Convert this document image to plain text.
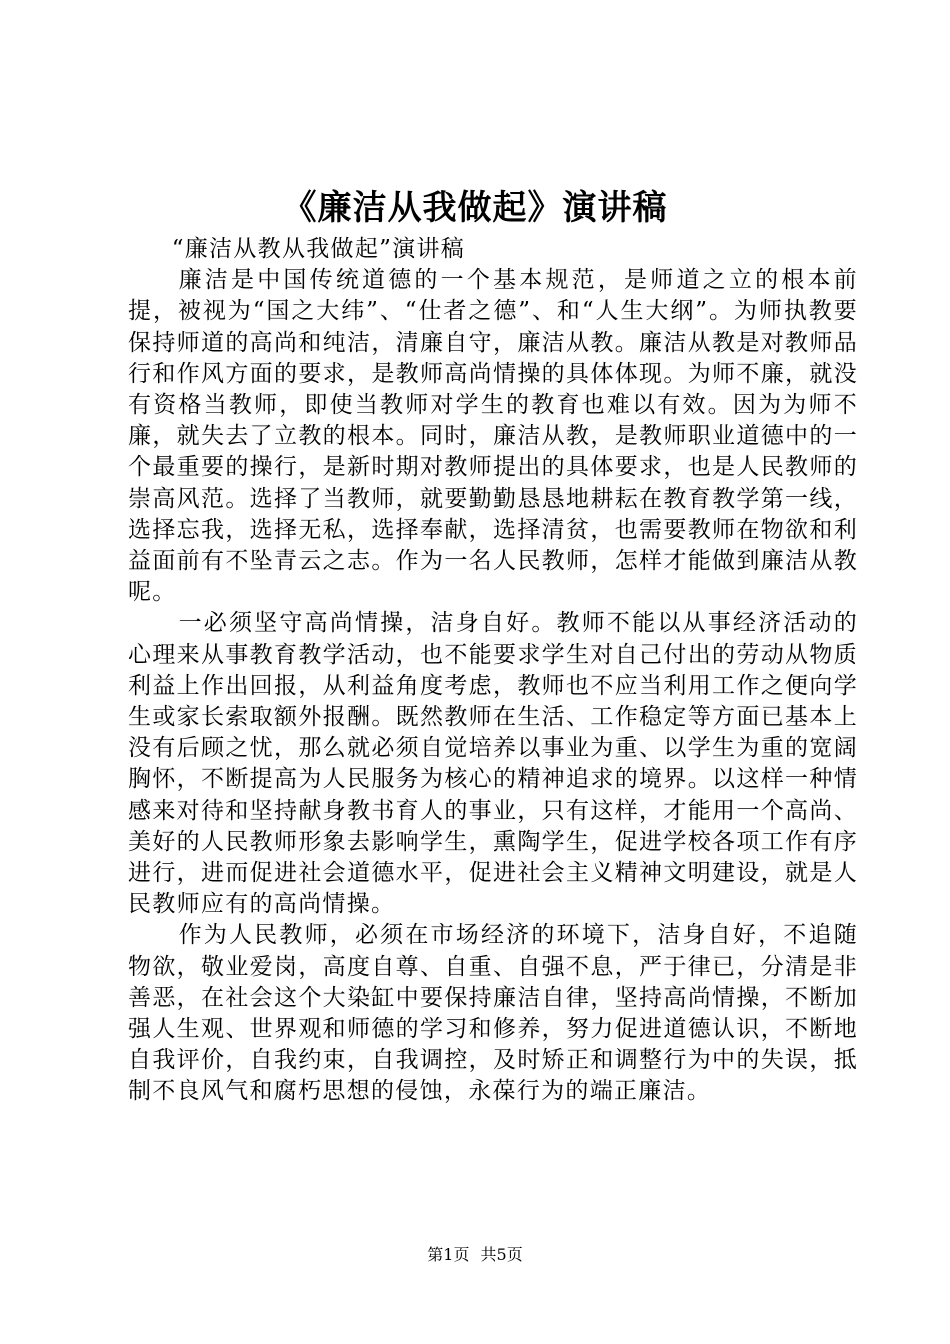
《廉洁从我做起》演讲稿

“廉洁从教从我做起”演讲稿

廉洁是中国传统道德的一个基本规范，是师道之立的根本前提，被视为“国之大纬”、“仕者之德”、和“人生大纲”。为师执教要保持师道的高尚和纯洁，清廉自守，廉洁从教。廉洁从教是对教师品行和作风方面的要求，是教师高尚情操的具体体现。为师不廉，就没有资格当教师，即使当教师对学生的教育也难以有效。因为为师不廉，就失去了立教的根本。同时，廉洁从教，是教师职业道德中的一个最重要的操行，是新时期对教师提出的具体要求，也是人民教师的崇高风范。选择了当教师，就要勤勤恳恳地耕耘在教育教学第一线，选择忘我，选择无私，选择奉献，选择清贫，也需要教师在物欲和利益面前有不坠青云之志。作为一名人民教师，怎样才能做到廉洁从教呢。

一必须坚守高尚情操，洁身自好。教师不能以从事经济活动的心理来从事教育教学活动，也不能要求学生对自己付出的劳动从物质利益上作出回报，从利益角度考虑，教师也不应当利用工作之便向学生或家长索取额外报酬。既然教师在生活、工作稳定等方面已基本上没有后顾之忧，那么就必须自觉培养以事业为重、以学生为重的宽阔胸怀，不断提高为人民服务为核心的精神追求的境界。以这样一种情感来对待和坚持献身教书育人的事业，只有这样，才能用一个高尚、美好的人民教师形象去影响学生，熏陶学生，促进学校各项工作有序进行，进而促进社会道德水平，促进社会主义精神文明建设，就是人民教师应有的高尚情操。

作为人民教师，必须在市场经济的环境下，洁身自好，不追随物欲，敬业爱岗，高度自尊、自重、自强不息，严于律已，分清是非善恶，在社会这个大染缸中要保持廉洁自律，坚持高尚情操，不断加强人生观、世界观和师德的学习和修养，努力促进道德认识，不断地自我评价，自我约束，自我调控，及时矫正和调整行为中的失误，抵制不良风气和腐朽思想的侵蚀，永葆行为的端正廉洁。

第1页 共5页
